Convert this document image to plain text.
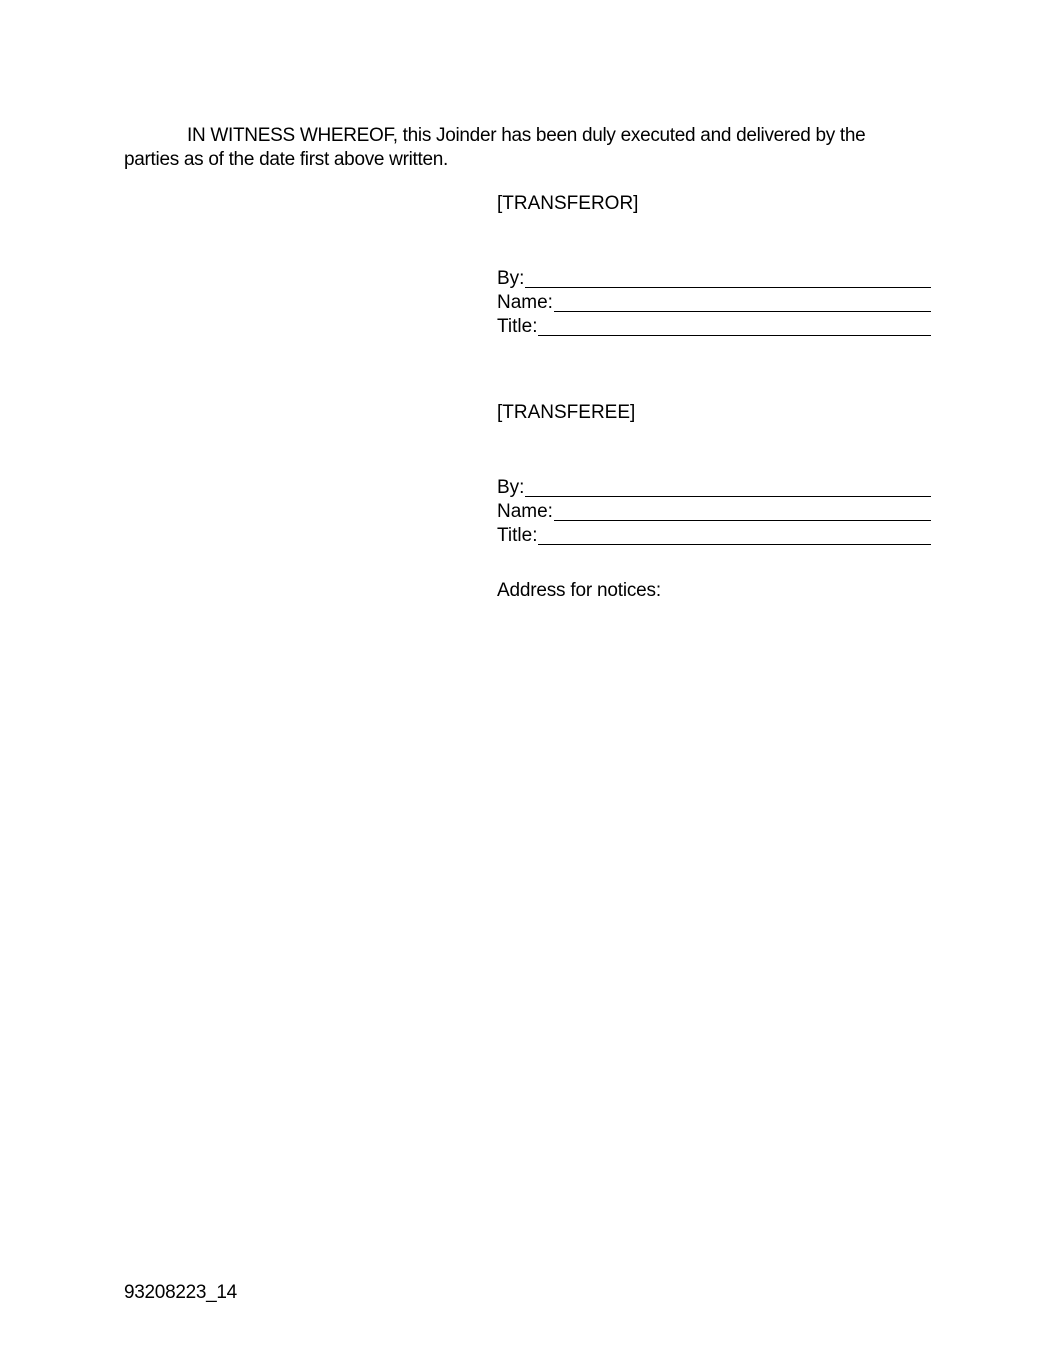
IN WITNESS WHEREOF, this Joinder has been duly executed and delivered by the parties as of the date first above written.

[TRANSFEROR]

By:
Name:
Title:

[TRANSFEREE]

By:
Name:
Title:

Address for notices:

93208223_14
